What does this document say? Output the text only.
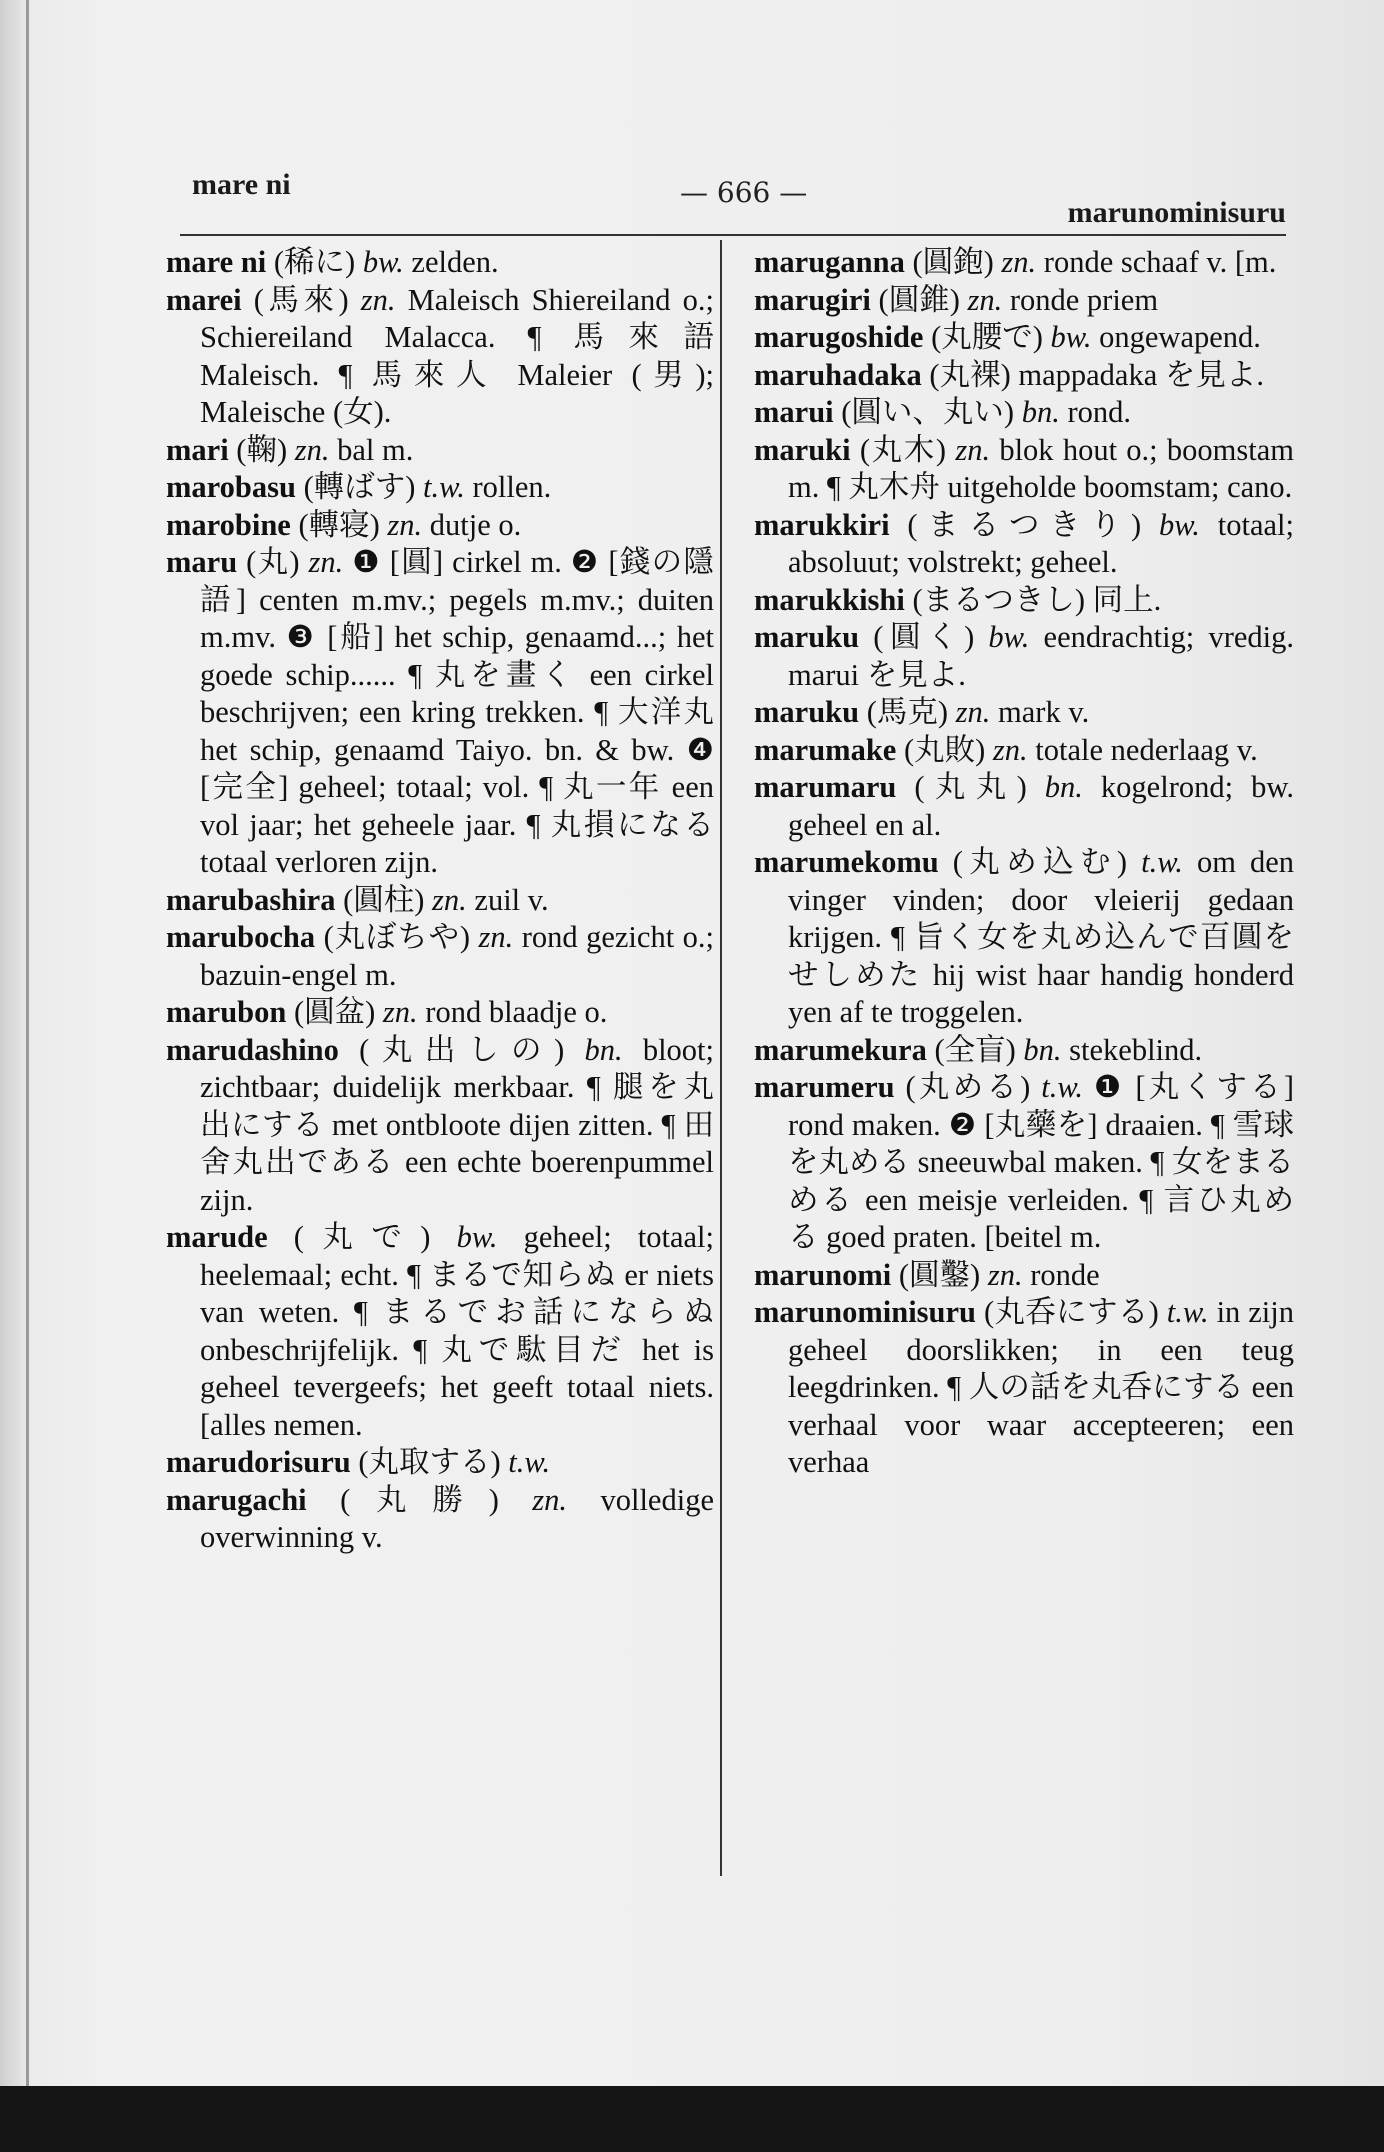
mare ni	— 666 —
marunominisuru

mare ni (稀に) bw. zelden.

marei (馬來) zn. Maleisch Shiereiland o.; Schiereiland Malacca. ¶ 馬來語 Maleisch. ¶ 馬來人 Maleier (男); Maleische (女).

mari (鞠) zn. bal m.

marobasu (轉ばす) t.w. rollen.

marobine (轉寝) zn. dutje o.

maru (丸) zn. ❶ [圓] cirkel m. ❷ [錢の隱語] centen m.mv.; pegels m.mv.; duiten m.mv. ❸ [船] het schip, genaamd...; het goede schip...... ¶ 丸を畫く een cirkel beschrijven; een kring trekken. ¶ 大洋丸 het schip, genaamd Taiyo. bn. & bw. ❹ [完全] geheel; totaal; vol. ¶ 丸一年 een vol jaar; het geheele jaar. ¶ 丸損になる totaal verloren zijn.

marubashira (圓柱) zn. zuil v.

marubocha (丸ぼちや) zn. rond gezicht o.; bazuin-engel m.

marubon (圓盆) zn. rond blaadje o.

marudashino (丸出しの) bn. bloot; zichtbaar; duidelijk merkbaar. ¶ 腿を丸出にする met ontbloote dijen zitten. ¶ 田舍丸出である een echte boerenpummel zijn.

marude (丸で) bw. geheel; totaal; heelemaal; echt. ¶ まるで知らぬ er niets van weten. ¶ まるでお話にならぬ onbeschrijfelijk. ¶ 丸で駄目だ het is geheel tevergeefs; het geeft totaal niets. [alles nemen.

marudorisuru (丸取する) t.w.

marugachi (丸勝) zn. volledige overwinning v.

maruganna (圓鉋) zn. ronde schaaf v. [m.

marugiri (圓錐) zn. ronde priem

marugoshide (丸腰で) bw. ongewapend.

maruhadaka (丸裸) mappadaka を見よ.

marui (圓い、丸い) bn. rond.

maruki (丸木) zn. blok hout o.; boomstam m. ¶ 丸木舟 uitgeholde boomstam; cano.

marukkiri (まるつきり) bw. totaal; absoluut; volstrekt; geheel.

marukkishi (まるつきし) 同上.

maruku (圓く) bw. eendrachtig; vredig. marui を見よ.

maruku (馬克) zn. mark v.

marumake (丸敗) zn. totale nederlaag v.

marumaru (丸丸) bn. kogelrond; bw. geheel en al.

marumekomu (丸め込む) t.w. om den vinger vinden; door vleierij gedaan krijgen. ¶ 旨く女を丸め込んで百圓をせしめた hij wist haar handig honderd yen af te troggelen.

marumekura (全盲) bn. stekeblind.

marumeru (丸める) t.w. ❶ [丸くする] rond maken. ❷ [丸藥を] draaien. ¶ 雪球を丸める sneeuwbal maken. ¶ 女をまるめる een meisje verleiden. ¶ 言ひ丸める goed praten. [beitel m.

marunomi (圓鑿) zn. ronde

marunominisuru (丸呑にする) t.w. in zijn geheel doorslikken; in een teug leegdrinken. ¶ 人の話を丸呑にする een verhaal voor waar accepteeren; een verhaa
